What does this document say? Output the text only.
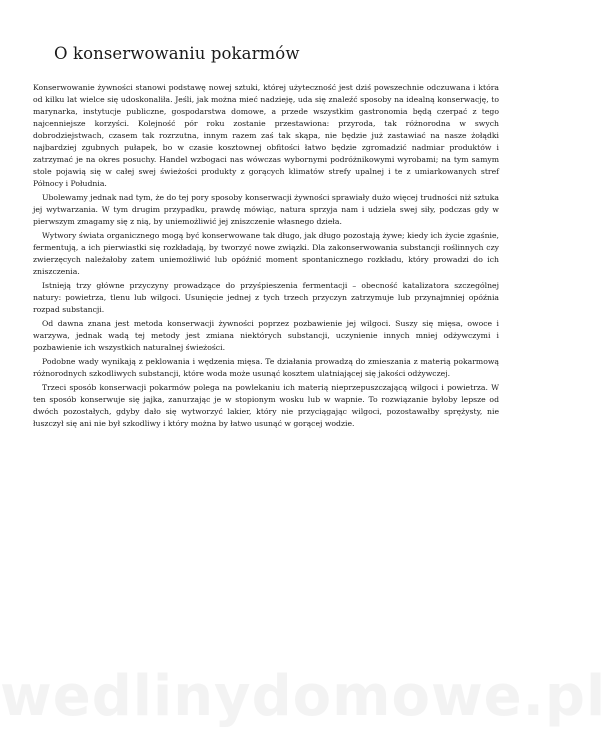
O konserwowaniu pokarmów

Konserwowanie żywności stanowi podstawę nowej sztuki, której użyteczność jest dziś powszechnie odczuwana i która od kilku lat wielce się udoskonaliła. Jeśli, jak można mieć nadzieję, uda się znaleźć sposoby na idealną konserwację, to marynarka, instytucje publiczne, gospodarstwa domowe, a przede wszystkim gastronomia będą czerpać z tego najcenniejsze korzyści. Kolejność pór roku zostanie przestawiona: przyroda, tak różnorodna w swych dobrodziejstwach, czasem tak rozrzutna, innym razem zaś tak skąpa, nie będzie już zastawiać na nasze żołądki najbardziej zgubnych pułapek, bo w czasie kosztownej obfitości łatwo będzie zgromadzić nadmiar produktów i zatrzymać je na okres posuchy. Handel wzbogaci nas wówczas wybornymi podróżnikowymi wyrobami; na tym samym stole pojawią się w całej swej świeżości produkty z gorących klimatów strefy upalnej i te z umiarkowanych stref Północy i Południa.

Ubolewamy jednak nad tym, że do tej pory sposoby konserwacji żywności sprawiały dużo więcej trudności niż sztuka jej wytwarzania. W tym drugim przypadku, prawdę mówiąc, natura sprzyja nam i udziela swej siły, podczas gdy w pierwszym zmagamy się z nią, by uniemożliwić jej zniszczenie własnego dzieła.

Wytwory świata organicznego mogą być konserwowane tak długo, jak długo pozostają żywe; kiedy ich życie zgaśnie, fermentują, a ich pierwiastki się rozkładają, by tworzyć nowe związki. Dla zakonserwowania substancji roślinnych czy zwierzęcych należałoby zatem uniemożliwić lub opóźnić moment spontanicznego rozkładu, który prowadzi do ich zniszczenia.

Istnieją trzy główne przyczyny prowadzące do przyśpieszenia fermentacji – obecność katalizatora szczególnej natury: powietrza, tlenu lub wilgoci. Usunięcie jednej z tych trzech przyczyn zatrzymuje lub przynajmniej opóźnia rozpad substancji.

Od dawna znana jest metoda konserwacji żywności poprzez pozbawienie jej wilgoci. Suszy się mięsa, owoce i warzywa, jednak wadą tej metody jest zmiana niektórych substancji, uczynienie innych mniej odżywczymi i pozbawienie ich wszystkich naturalnej świeżości.

Podobne wady wynikają z peklowania i wędzenia mięsa. Te działania prowadzą do zmieszania z materią pokarmową różnorodnych szkodliwych substancji, które woda może usunąć kosztem ulatniającej się jakości odżywczej.

Trzeci sposób konserwacji pokarmów polega na powlekaniu ich materią nieprzepuszczającą wilgoci i powietrza. W ten sposób konserwuje się jajka, zanurzając je w stopionym wosku lub w wapnie. To rozwiązanie byłoby lepsze od dwóch pozostałych, gdyby dało się wytworzyć lakier, który nie przyciągając wilgoci, pozostawałby sprężysty, nie łuszczył się ani nie był szkodliwy i który można by łatwo usunąć w gorącej wodzie.

wedlinydomowe.pl
